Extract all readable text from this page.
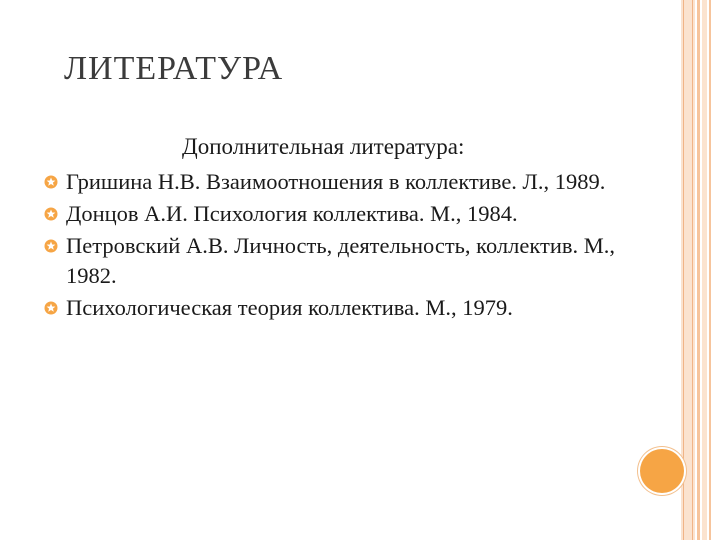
ЛИТЕРАТУРА

Дополнительная литература:

Гришина Н.В. Взаимоотношения в коллективе. Л., 1989.
Донцов А.И. Психология коллектива. М., 1984.
Петровский А.В. Личность, деятельность, коллектив. М., 1982.
Психологическая теория коллектива. М., 1979.
